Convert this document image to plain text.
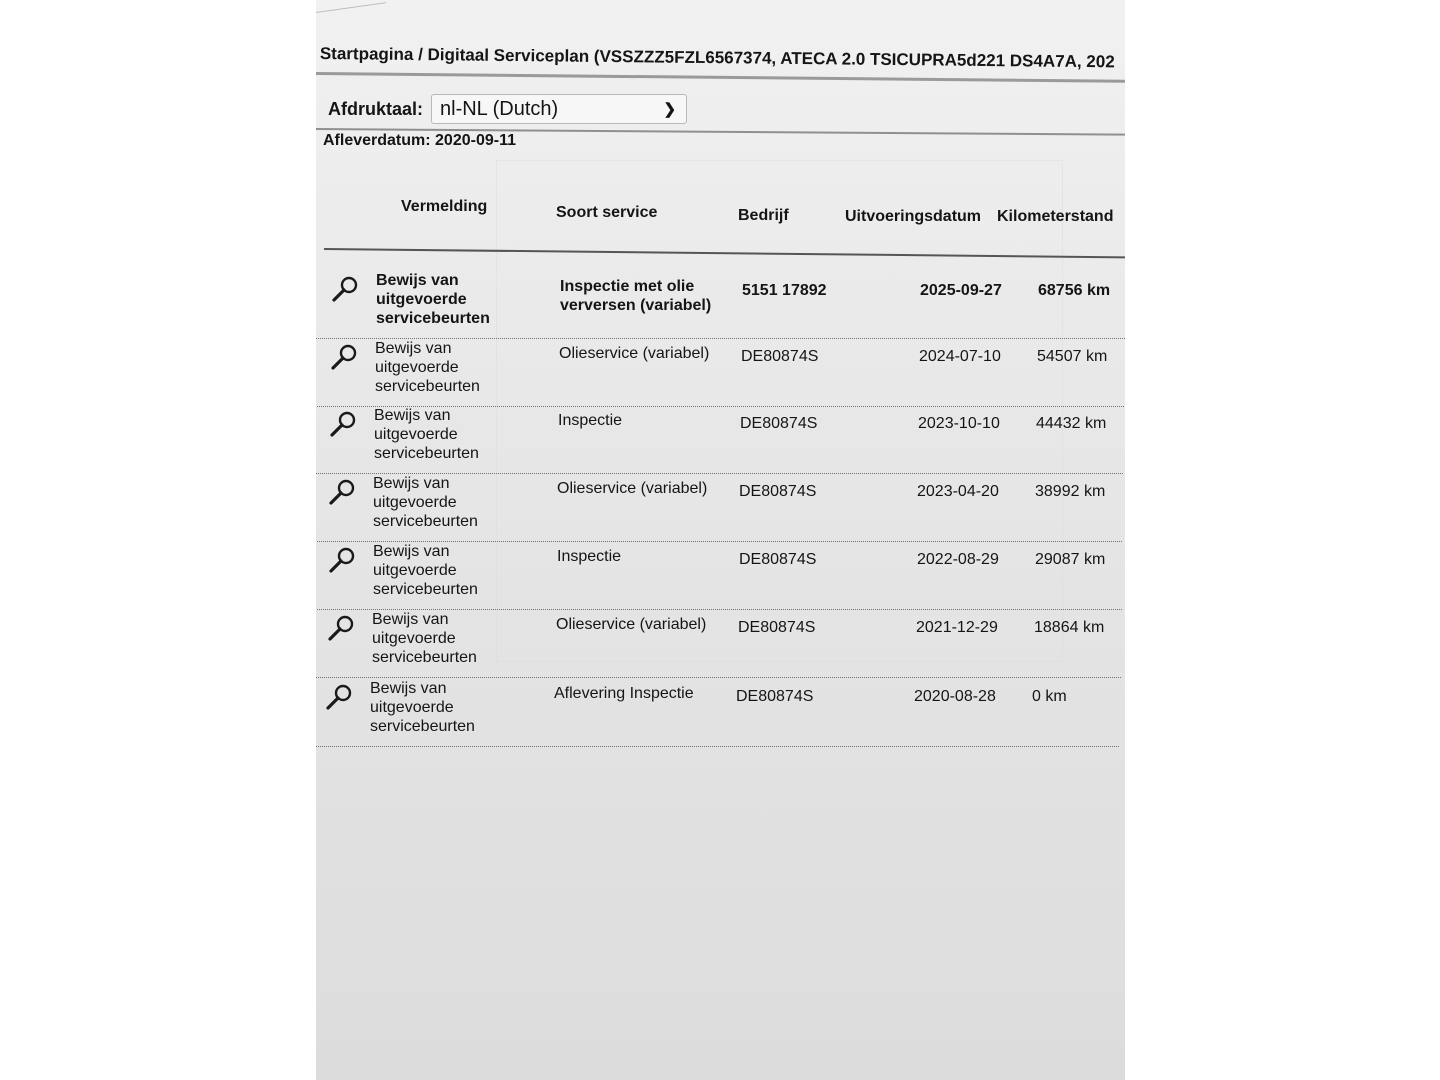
Startpagina / Digitaal Serviceplan (VSSZZZ5FZL6567374, ATECA 2.0 TSICUPRA5d221 DS4A7A, 202
Afdruktaal: nl-NL (Dutch)	❯
Afleverdatum: 2020-09-11
Vermelding	Soort service	Bedrijf	Uitvoeringsdatum Kilometerstand
Bewijs van
uitgevoerde
servicebeurten
Inspectie met olie
verversen (variabel)
5151 17892	2025-09-27 68756 km
Bewijs van
uitgevoerde
servicebeurten
Olieservice (variabel)	DE80874S	2024-07-10 54507 km
Bewijs van
uitgevoerde
servicebeurten
Inspectie	DE80874S	2023-10-10 44432 km
Bewijs van
uitgevoerde
servicebeurten
Olieservice (variabel)	DE80874S	2023-04-20 38992 km
Bewijs van
uitgevoerde
servicebeurten
Inspectie	DE80874S	2022-08-29 29087 km
Bewijs van
uitgevoerde
servicebeurten
Olieservice (variabel)	DE80874S	2021-12-29 18864 km
Bewijs van
uitgevoerde
servicebeurten
Aflevering Inspectie	DE80874S	2020-08-28 0 km
